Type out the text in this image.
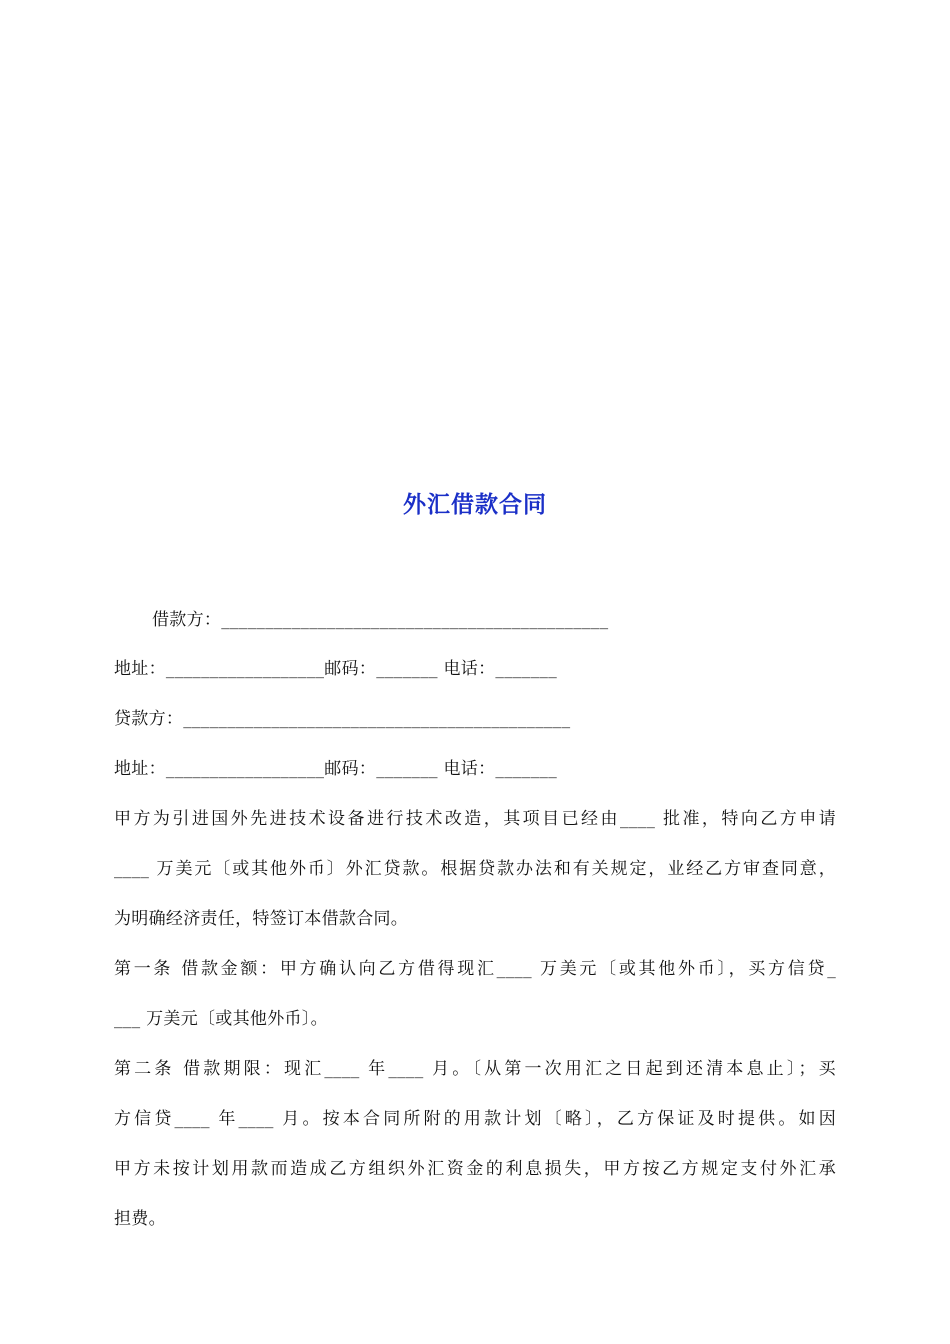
外汇借款合同
借款方：____________________________________________
地址：__________________邮码：_______ 电话：_______
贷款方：____________________________________________
地址：__________________邮码：_______ 电话：_______
甲方为引进国外先进技术设备进行技术改造，其项目已经由____ 批准，特向乙方申请
____ 万美元〔或其他外币〕外汇贷款。根据贷款办法和有关规定，业经乙方审查同意，
为明确经济责任，特签订本借款合同。
第一条 借款金额：甲方确认向乙方借得现汇____ 万美元〔或其他外币〕，买方信贷_
___ 万美元〔或其他外币〕。
第二条 借款期限：现汇____ 年____ 月。〔从第一次用汇之日起到还清本息止〕；买
方信贷____ 年____ 月。按本合同所附的用款计划〔略〕，乙方保证及时提供。如因
甲方未按计划用款而造成乙方组织外汇资金的利息损失，甲方按乙方规定支付外汇承
担费。
